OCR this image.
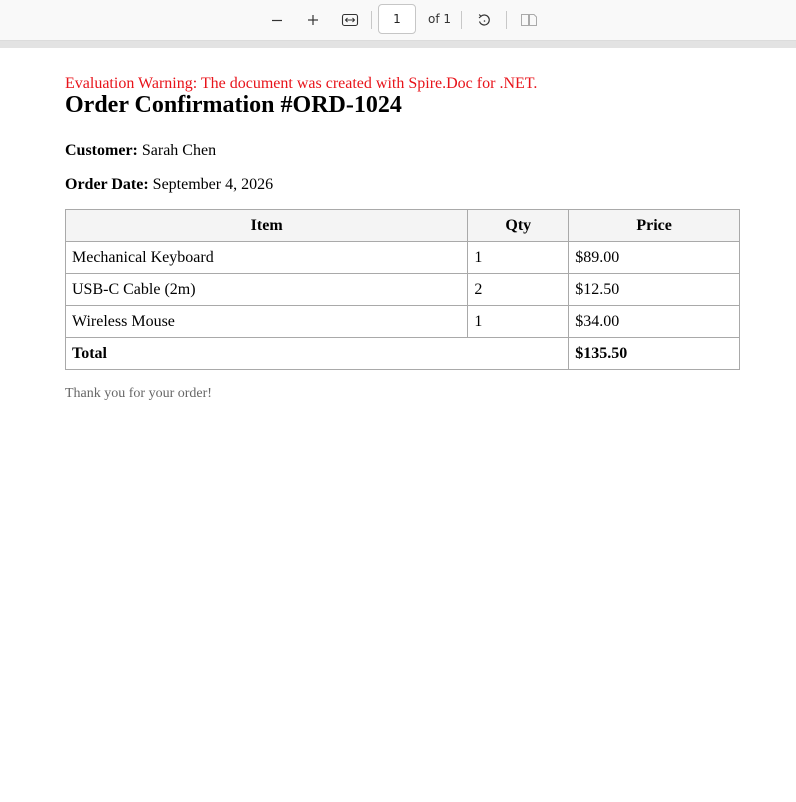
1
of 1

Evaluation Warning: The document was created with Spire.Doc for .NET.

Order Confirmation #ORD-1024

Customer: Sarah Chen

Order Date: September 4, 2026

Item	Qty	Price
Mechanical Keyboard	1	$89.00
USB-C Cable (2m)	2	$12.50
Wireless Mouse	1	$34.00
Total		$135.50

Thank you for your order!
